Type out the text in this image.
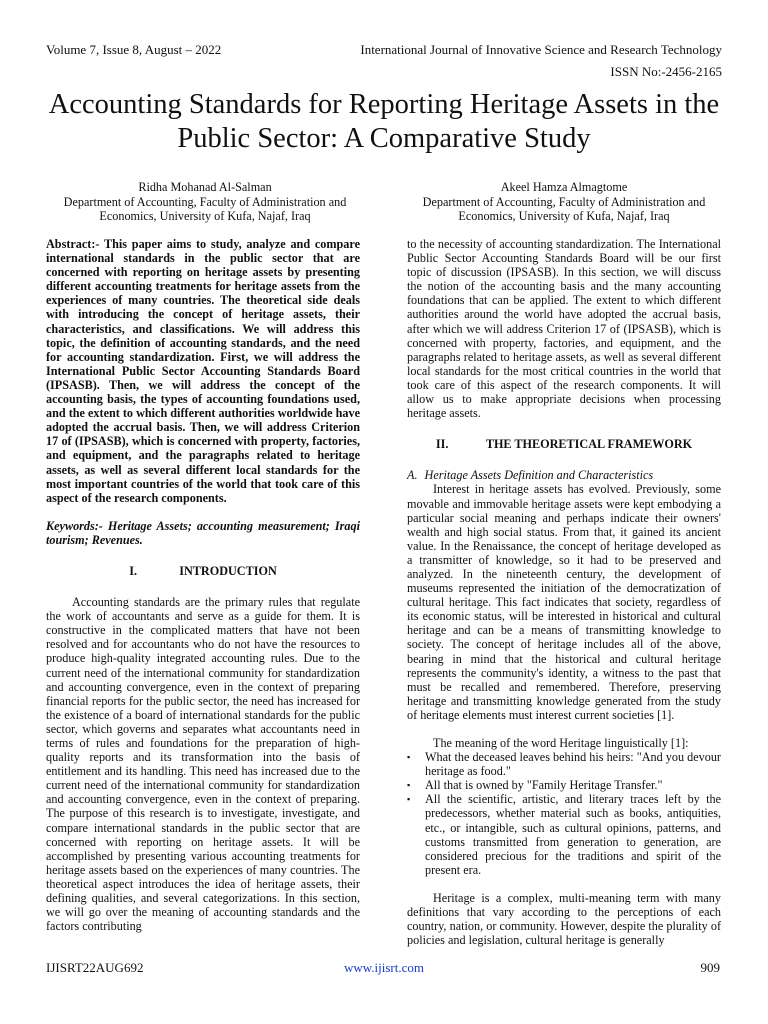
Volume 7, Issue 8, August – 2022	International Journal of Innovative Science and Research Technology
ISSN No:-2456-2165
Accounting Standards for Reporting Heritage Assets in the Public Sector: A Comparative Study
Ridha Mohanad Al-Salman
Department of Accounting, Faculty of Administration and Economics, University of Kufa, Najaf, Iraq
Akeel Hamza Almagtome
Department of Accounting, Faculty of Administration and Economics, University of Kufa, Najaf, Iraq

Abstract:- This paper aims to study, analyze and compare international standards in the public sector that are concerned with reporting on heritage assets by presenting different accounting treatments for heritage assets from the experiences of many countries. The theoretical side deals with introducing the concept of heritage assets, their characteristics, and classifications. We will address this topic, the definition of accounting standards, and the need for accounting standardization. First, we will address the International Public Sector Accounting Standards Board (IPSASB). Then, we will address the concept of the accounting basis, the types of accounting foundations used, and the extent to which different authorities worldwide have adopted the accrual basis. Then, we will address Criterion 17 of (IPSASB), which is concerned with property, factories, and equipment, and the paragraphs related to heritage assets, as well as several different local standards for the most important countries of the world that took care of this aspect of the research components.

Keywords:- Heritage Assets; accounting measurement; Iraqi tourism; Revenues.

I.	INTRODUCTION

Accounting standards are the primary rules that regulate the work of accountants and serve as a guide for them. It is constructive in the complicated matters that have not been resolved and for accountants who do not have the resources to produce high-quality integrated accounting rules. Due to the current need of the international community for standardization and accounting convergence, even in the context of preparing financial reports for the public sector, the need has increased for the existence of a board of international standards for the public sector, which governs and separates what accountants need in terms of rules and foundations for the preparation of high-quality reports and its transformation into the basis of entitlement and its handling. This need has increased due to the current need of the international community for standardization and accounting convergence, even in the context of preparing. The purpose of this research is to investigate, investigate, and compare international standards in the public sector that are concerned with reporting on heritage assets. It will be accomplished by presenting various accounting treatments for heritage assets based on the experiences of many countries. The theoretical aspect introduces the idea of heritage assets, their defining qualities, and several categorizations. In this section, we will go over the meaning of accounting standards and the factors contributing

to the necessity of accounting standardization. The International Public Sector Accounting Standards Board will be our first topic of discussion (IPSASB). In this section, we will discuss the notion of the accounting basis and the many accounting foundations that can be applied. The extent to which different authorities around the world have adopted the accrual basis, after which we will address Criterion 17 of (IPSASB), which is concerned with property, factories, and equipment, and the paragraphs related to heritage assets, as well as several different local standards for the most critical countries in the world that took care of this aspect of the research components. It will allow us to make appropriate decisions when processing heritage assets.

II.	THE THEORETICAL FRAMEWORK
A. Heritage Assets Definition and Characteristics

Interest in heritage assets has evolved. Previously, some movable and immovable heritage assets were kept embodying a particular social meaning and perhaps indicate their owners' wealth and high social status. From that, it gained its ancient value. In the Renaissance, the concept of heritage developed as a transmitter of knowledge, so it had to be preserved and analyzed. In the nineteenth century, the development of museums represented the initiation of the democratization of cultural heritage. This fact indicates that society, regardless of its economic status, will be interested in historical and cultural heritage and can be a means of transmitting knowledge to society. The concept of heritage includes all of the above, bearing in mind that the historical and cultural heritage represents the community's identity, a witness to the past that must be recalled and remembered. Therefore, preserving heritage and transmitting knowledge generated from the study of heritage elements must interest current societies [1].

The meaning of the word Heritage linguistically [1]:

▪	What the deceased leaves behind his heirs: "And you devour heritage as food."
▪	All that is owned by "Family Heritage Transfer."
▪	All the scientific, artistic, and literary traces left by the predecessors, whether material such as books, antiquities, etc., or intangible, such as cultural opinions, patterns, and customs transmitted from generation to generation, are considered precious for the traditions and spirit of the present era.

Heritage is a complex, multi-meaning term with many definitions that vary according to the perceptions of each country, nation, or community. However, despite the plurality of policies and legislation, cultural heritage is generally

IJISRT22AUG692	www.ijisrt.com	909
